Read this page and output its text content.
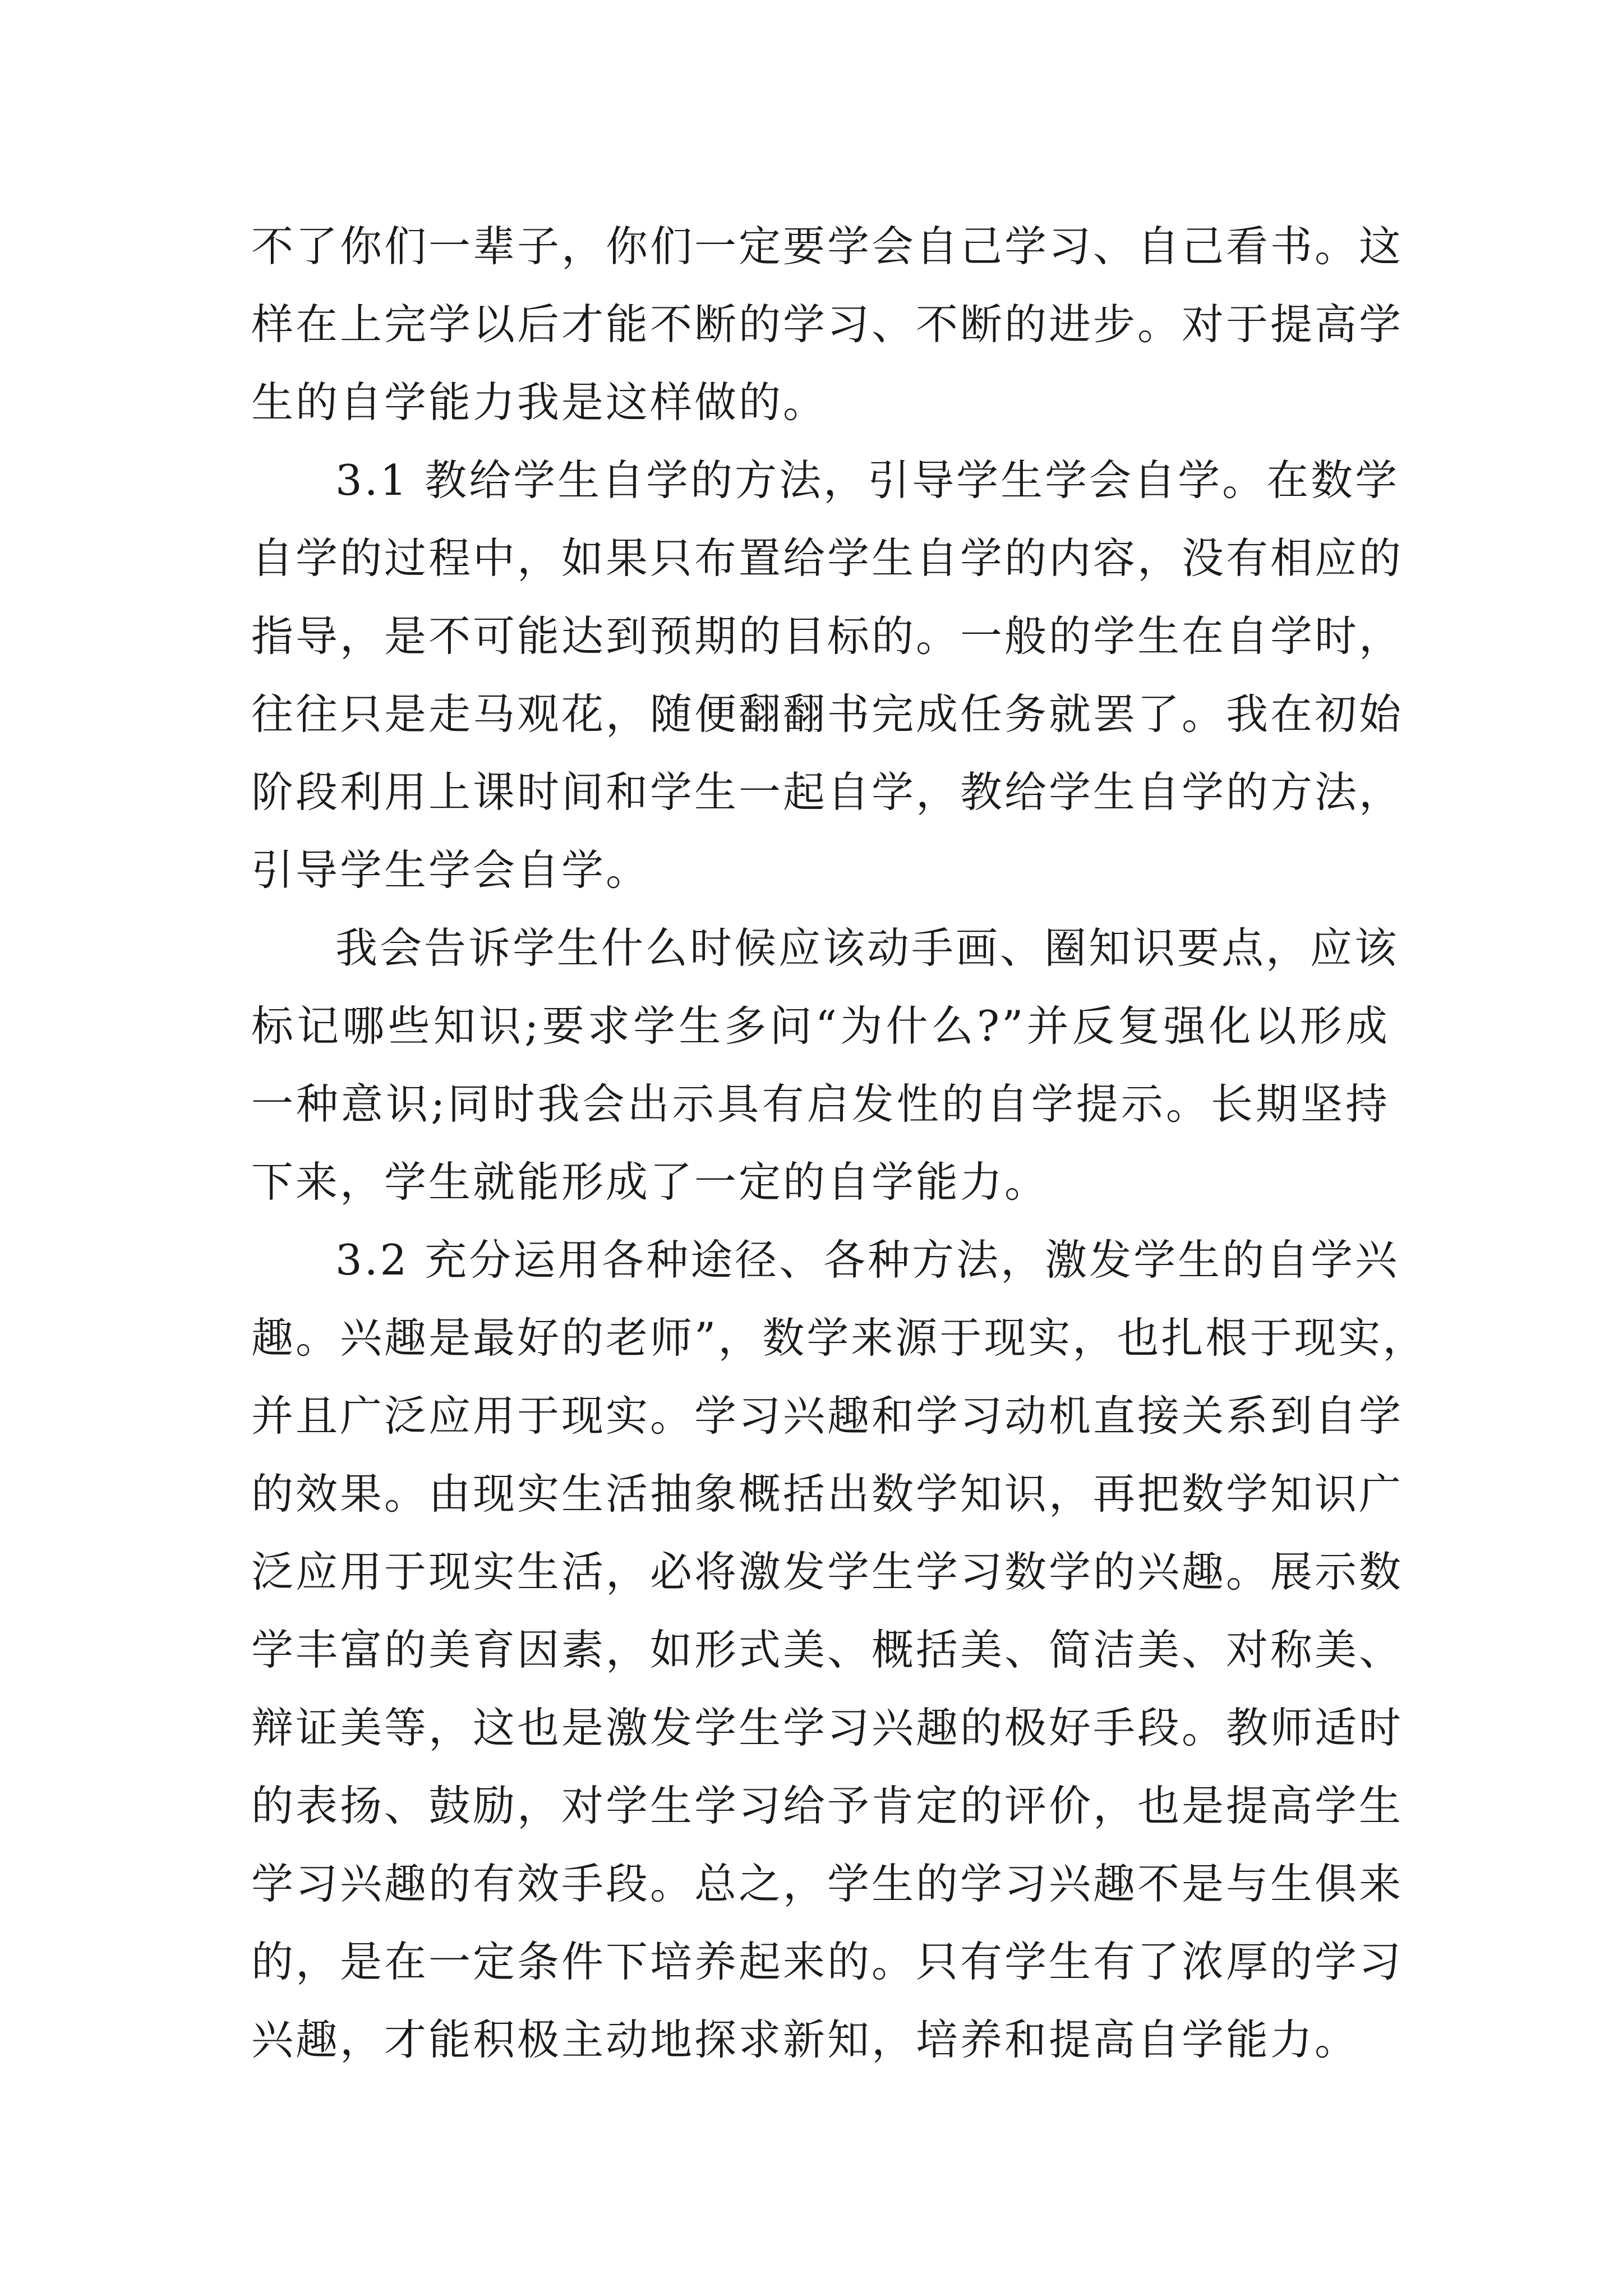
不了你们一辈子，你们一定要学会自己学习、自己看书。这
样在上完学以后才能不断的学习、不断的进步。对于提高学
生的自学能力我是这样做的。
3.1 教给学生自学的方法，引导学生学会自学。在数学
自学的过程中，如果只布置给学生自学的内容，没有相应的
指导，是不可能达到预期的目标的。一般的学生在自学时，
往往只是走马观花，随便翻翻书完成任务就罢了。我在初始
阶段利用上课时间和学生一起自学，教给学生自学的方法，
引导学生学会自学。
我会告诉学生什么时候应该动手画、圈知识要点，应该
标记哪些知识;要求学生多问“为什么?”并反复强化以形成
一种意识;同时我会出示具有启发性的自学提示。长期坚持
下来，学生就能形成了一定的自学能力。
3.2 充分运用各种途径、各种方法，激发学生的自学兴
趣。兴趣是最好的老师”，数学来源于现实，也扎根于现实，
并且广泛应用于现实。学习兴趣和学习动机直接关系到自学
的效果。由现实生活抽象概括出数学知识，再把数学知识广
泛应用于现实生活，必将激发学生学习数学的兴趣。展示数
学丰富的美育因素，如形式美、概括美、简洁美、对称美、
辩证美等，这也是激发学生学习兴趣的极好手段。教师适时
的表扬、鼓励，对学生学习给予肯定的评价，也是提高学生
学习兴趣的有效手段。总之，学生的学习兴趣不是与生俱来
的，是在一定条件下培养起来的。只有学生有了浓厚的学习
兴趣，才能积极主动地探求新知，培养和提高自学能力。
